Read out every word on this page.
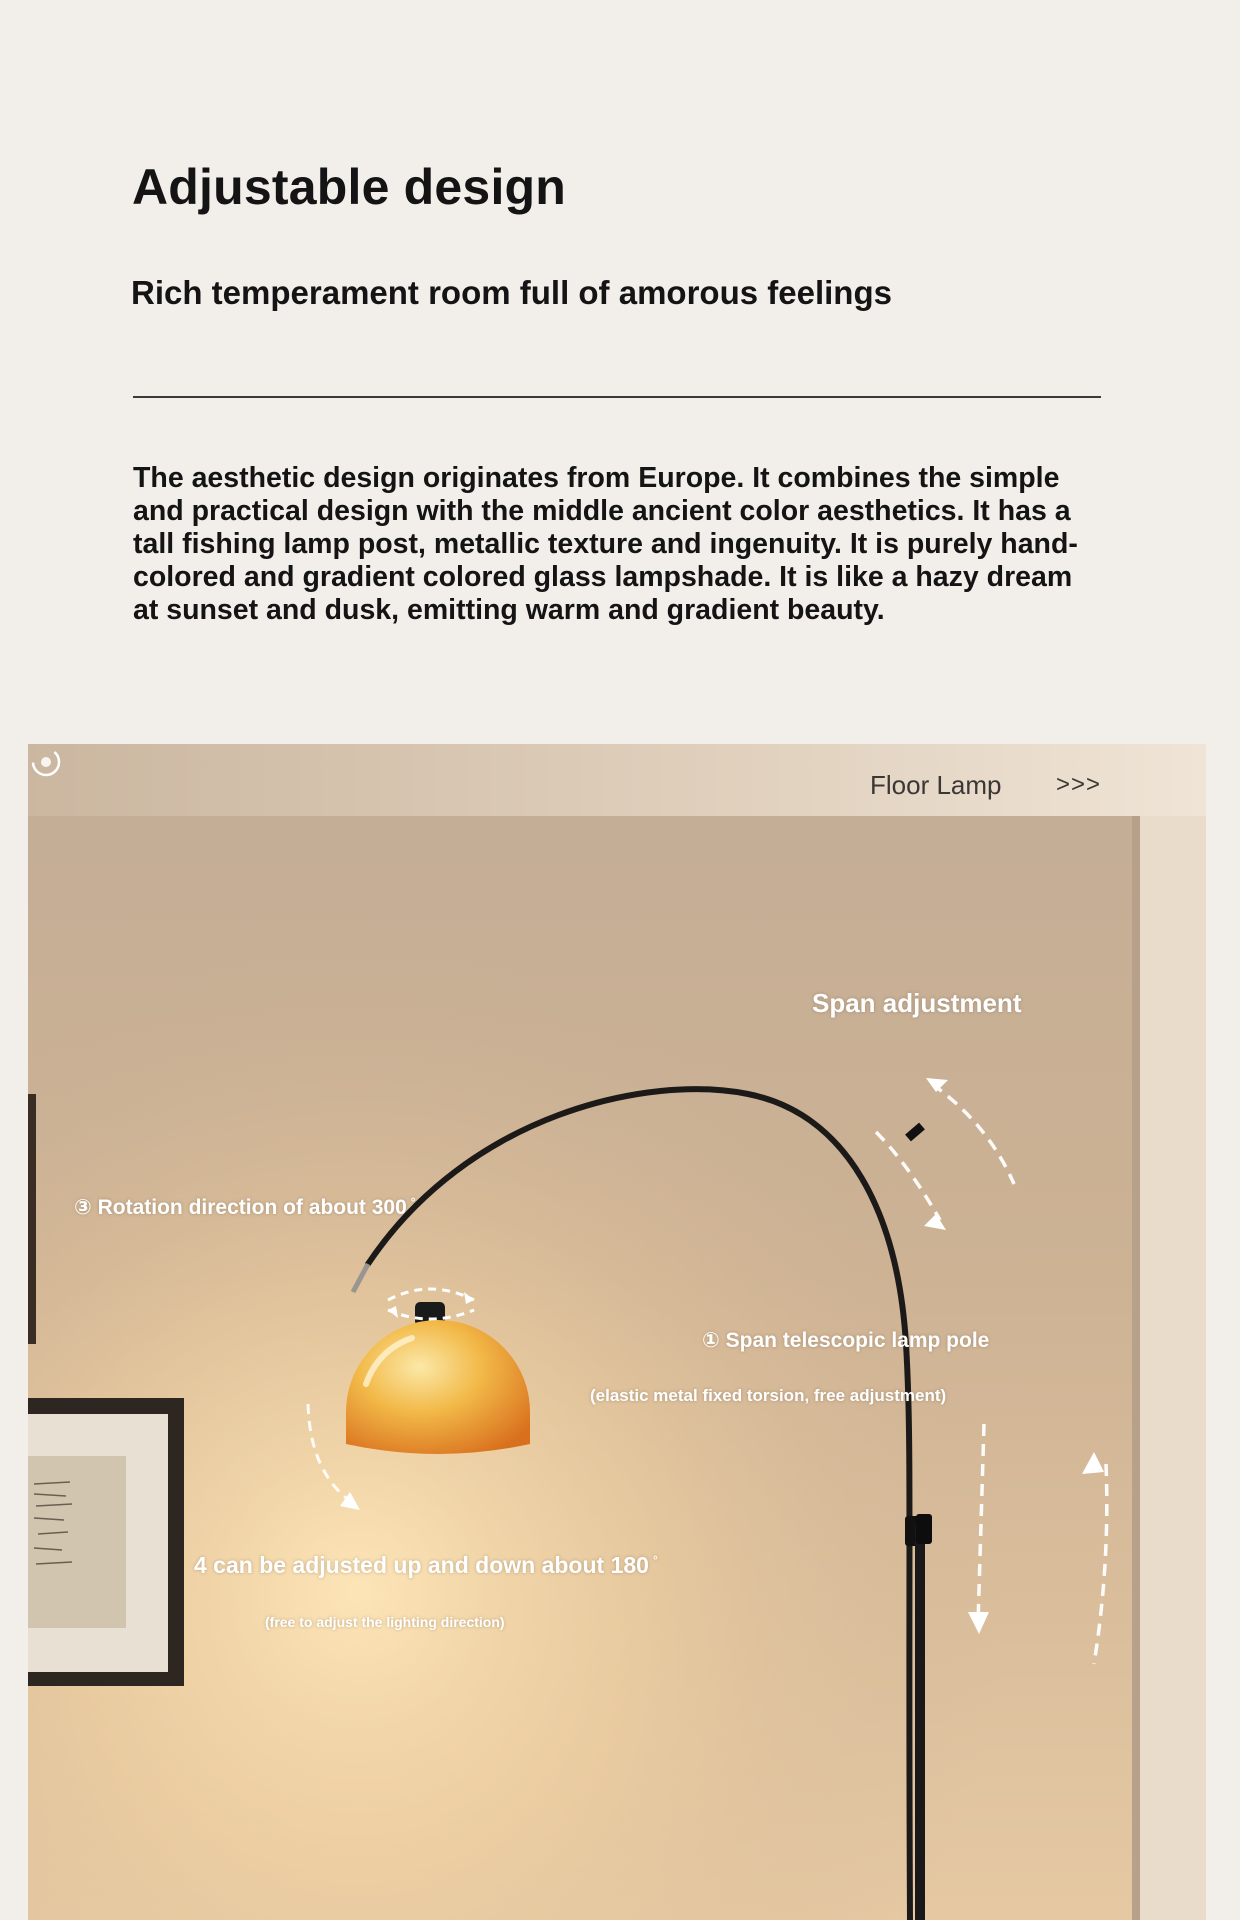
Adjustable design
Rich temperament room full of amorous feelings

The aesthetic design originates from Europe. It combines the simple and practical design with the middle ancient color aesthetics. It has a tall fishing lamp post, metallic texture and ingenuity. It is purely hand-colored and gradient colored glass lampshade. It is like a hazy dream at sunset and dusk, emitting warm and gradient beauty.

Floor Lamp >>>
Span adjustment
③ Rotation direction of about 300 °
① Span telescopic lamp pole
(elastic metal fixed torsion, free adjustment)
4 can be adjusted up and down about 180 °
(free to adjust the lighting direction)
